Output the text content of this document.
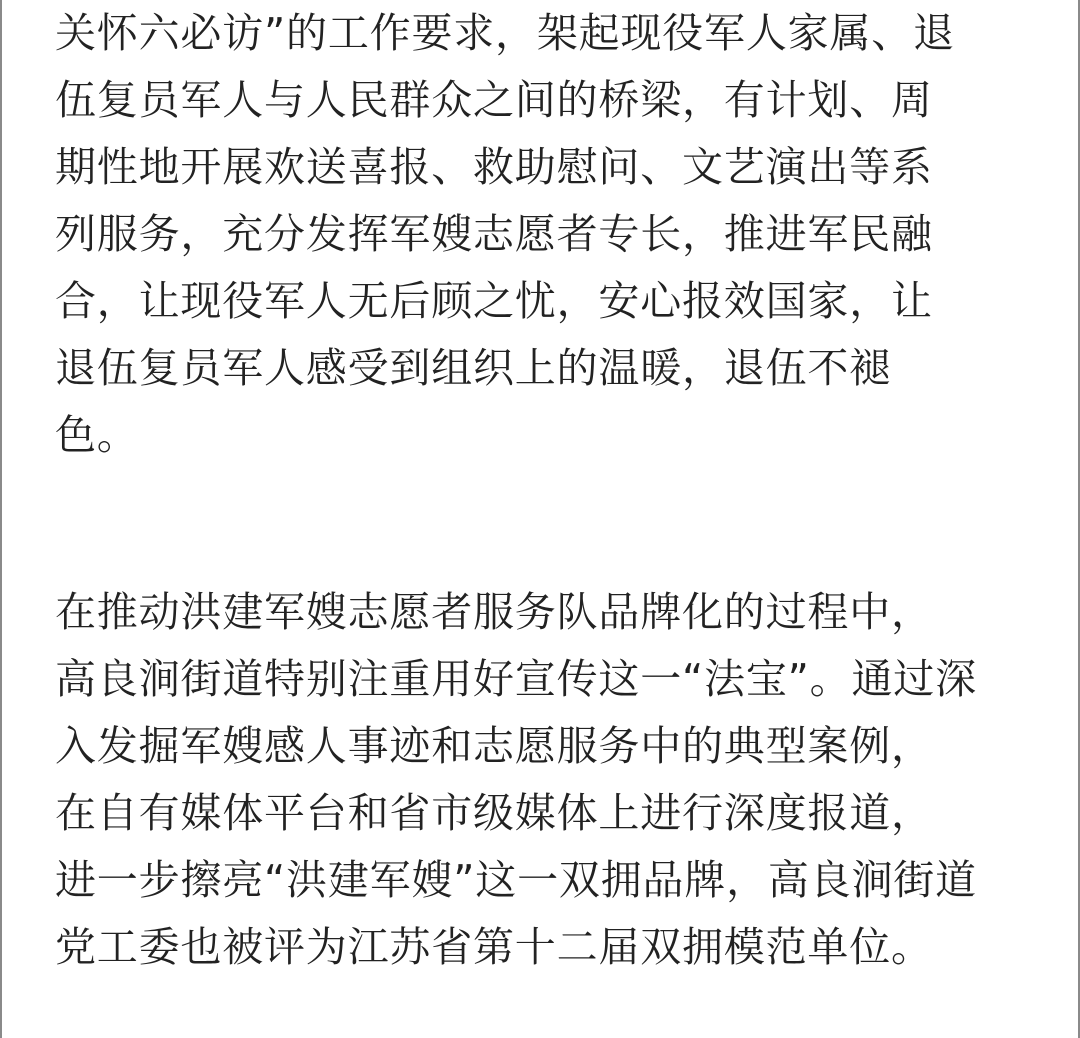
关怀六必访”的工作要求，架起现役军人家属、退
伍复员军人与人民群众之间的桥梁，有计划、周
期性地开展欢送喜报、救助慰问、文艺演出等系
列服务，充分发挥军嫂志愿者专长，推进军民融
合，让现役军人无后顾之忧，安心报效国家，让
退伍复员军人感受到组织上的温暖，退伍不褪
色。

在推动洪建军嫂志愿者服务队品牌化的过程中，
高良涧街道特别注重用好宣传这一“法宝”。通过深
入发掘军嫂感人事迹和志愿服务中的典型案例，
在自有媒体平台和省市级媒体上进行深度报道，
进一步擦亮“洪建军嫂”这一双拥品牌，高良涧街道
党工委也被评为江苏省第十二届双拥模范单位。
